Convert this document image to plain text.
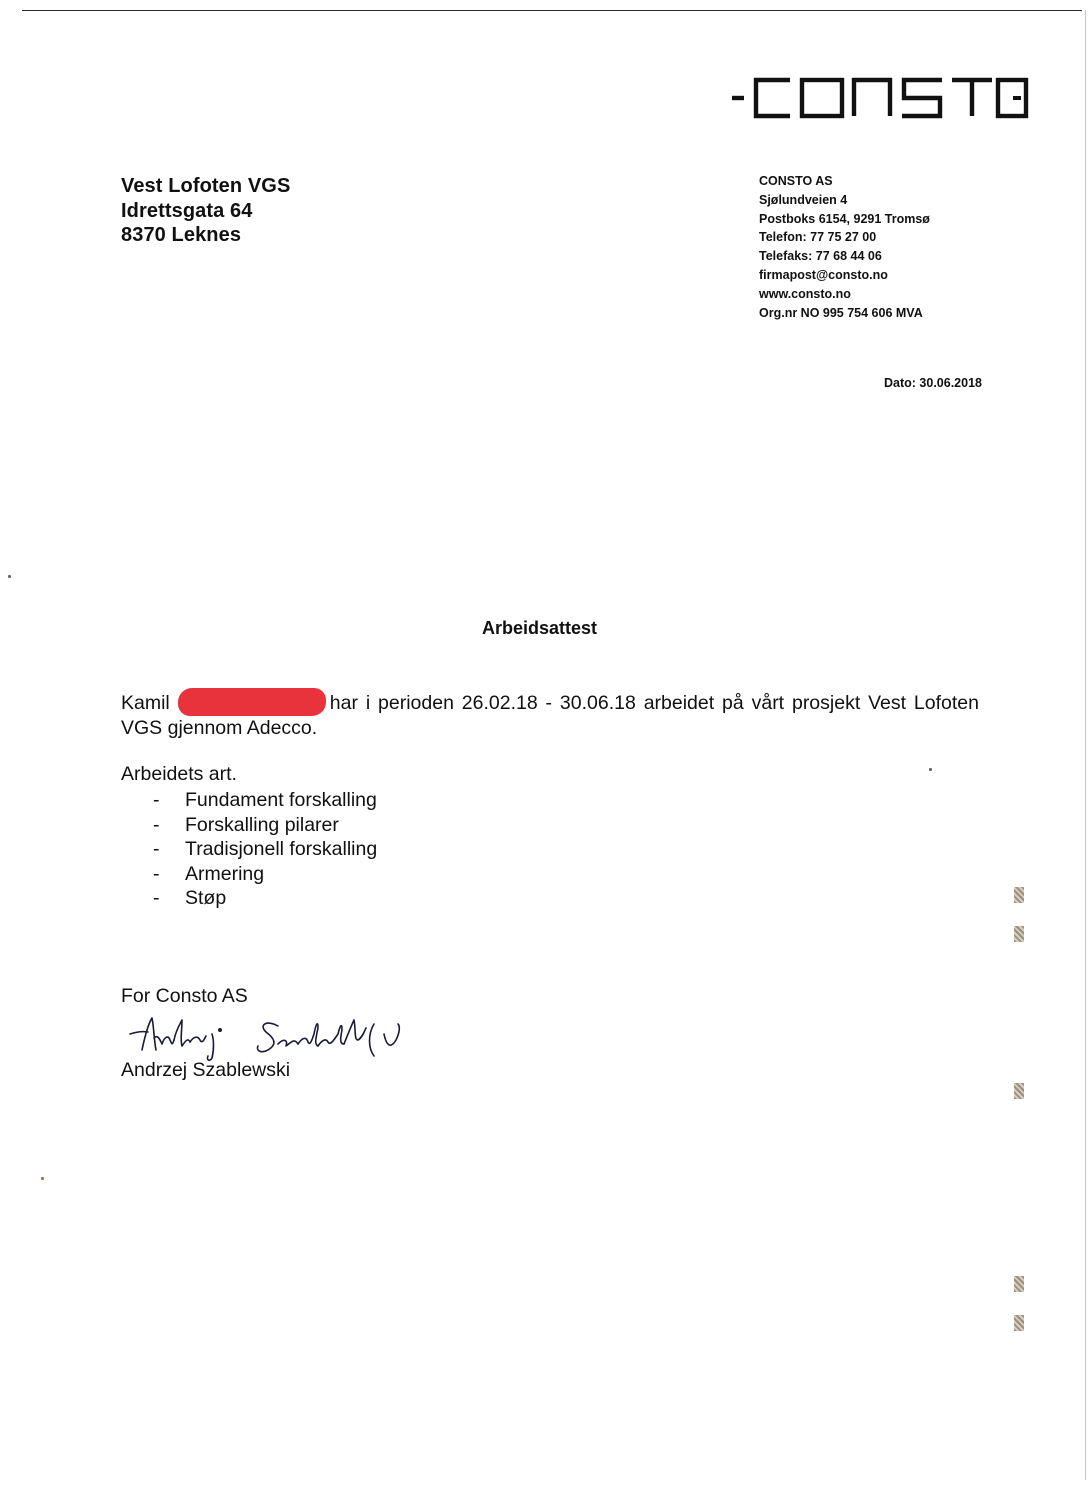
Vest Lofoten VGS
Idrettsgata 64
8370 Leknes
CONSTO AS
Sjølundveien 4
Postboks 6154, 9291 Tromsø
Telefon: 77 75 27 00
Telefaks: 77 68 44 06
firmapost@consto.no
www.consto.no
Org.nr NO 995 754 606 MVA
Dato: 30.06.2018
Arbeidsattest
Kamil	har i perioden 26.02.18 - 30.06.18 arbeidet på vårt prosjekt Vest Lofoten VGS gjennom Adecco.
Arbeidets art.
-	Fundament forskalling
-	Forskalling pilarer
-	Tradisjonell forskalling
-	Armering
-	Støp
For Consto AS
Andrzej Szablewski
